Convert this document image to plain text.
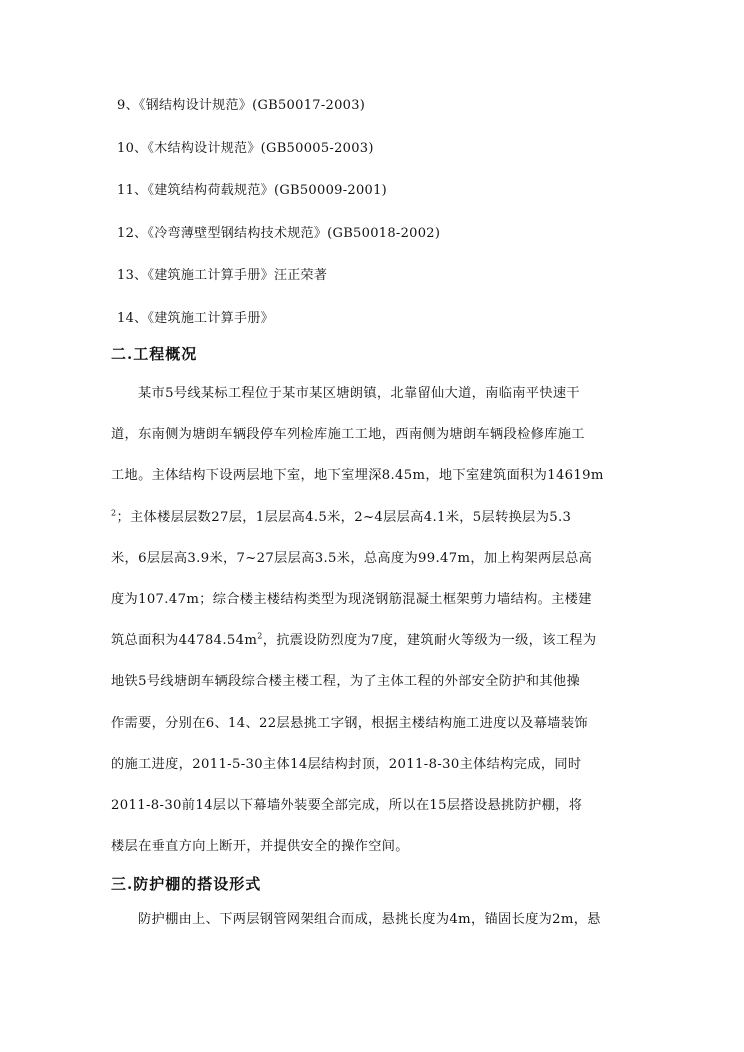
9、《钢结构设计规范》(GB50017-2003)
10、《木结构设计规范》(GB50005-2003)
11、《建筑结构荷载规范》(GB50009-2001)
12、《冷弯薄壁型钢结构技术规范》(GB50018-2002)
13、《建筑施工计算手册》汪正荣著
14、《建筑施工计算手册》
二.工程概况
某市5号线某标工程位于某市某区塘朗镇，北靠留仙大道，南临南平快速干
道，东南侧为塘朗车辆段停车列检库施工工地，西南侧为塘朗车辆段检修库施工
工地。主体结构下设两层地下室，地下室埋深8.45m，地下室建筑面积为14619m
$^2$；主体楼层层数27层，1层层高4.5米，2~4层层高4.1米，5层转换层为5.3
米，6层层高3.9米，7~27层层高3.5米，总高度为99.47m，加上构架两层总高
度为107.47m；综合楼主楼结构类型为现浇钢筋混凝土框架剪力墙结构。主楼建
筑总面积为$44784.54m^2$，抗震设防烈度为7度，建筑耐火等级为一级，该工程为
地铁5号线塘朗车辆段综合楼主楼工程，为了主体工程的外部安全防护和其他操
作需要，分别在6、14、22层悬挑工字钢，根据主楼结构施工进度以及幕墙装饰
的施工进度，2011-5-30主体14层结构封顶，2011-8-30主体结构完成，同时
2011-8-30前14层以下幕墙外装要全部完成，所以在15层搭设悬挑防护棚，将
楼层在垂直方向上断开，并提供安全的操作空间。
三.防护棚的搭设形式
防护棚由上、下两层钢管网架组合而成，悬挑长度为4m，锚固长度为2m，悬
